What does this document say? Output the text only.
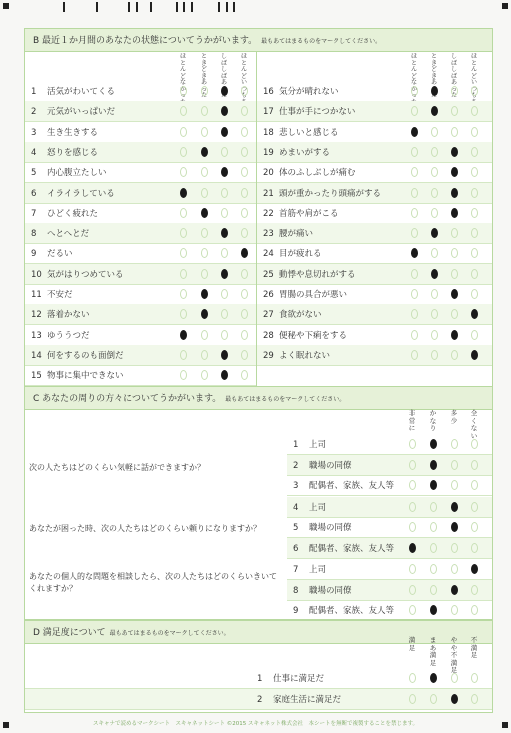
B 最近１か月間のあなたの状態についてうかがいます。 最もあてはまるものをマークしてください。
ほとんどなかっ
ときどきあった
しばしばあ
ほとんどいつも
ほとんどなかっ
ときどきあ
しばしばあった
ほとんどいつも
1 活気がわいてくる
2 元気がいっぱいだ
3 生き生きする
4 怒りを感じる
5 内心腹立たしい
6 イライラしている
7 ひどく疲れた
8 へとへとだ
9 だるい
10 気がはりつめている
11 不安だ
12 落着かない
13 ゆううつだ
14 何をするのも面倒だ
15 物事に集中できない
16 気分が晴れない
17 仕事が手につかない
18 悲しいと感じる
19 めまいがする
20 体のふしぶしが痛む
21 頭が重かったり頭痛がする
22 首筋や肩がこる
23 腰が痛い
24 目が疲れる
25 動悸や息切れがする
26 胃腸の具合が悪い
27 食欲がない
28 便秘や下痢をする
29 よく眠れない
C あなたの周りの方々についてうかがいます。 最もあてはまるものをマークしてください。
非常に
かなり
多少
全くない
次の人たちはどのくらい気軽に話ができますか？
あなたが困った時、次の人たちはどのくらい頼りになりますか？
あなたの個人的な問題を相談したら、次の人たちはどのくらいきいてくれますか？
1 上司
2 職場の同僚
3 配偶者、家族、友人等
4 上司
5 職場の同僚
6 配偶者、家族、友人等
7 上司
8 職場の同僚
9 配偶者、家族、友人等
D 満足度について 最もあてはまるものをマークしてください。
満足
まあ満足
やや不満足
不満足
1 仕事に満足だ
2 家庭生活に満足だ
スキャナで読めるマークシート　スキャネットシート ©2015 スキャネット株式会社　本シートを無断で複製することを禁じます。
